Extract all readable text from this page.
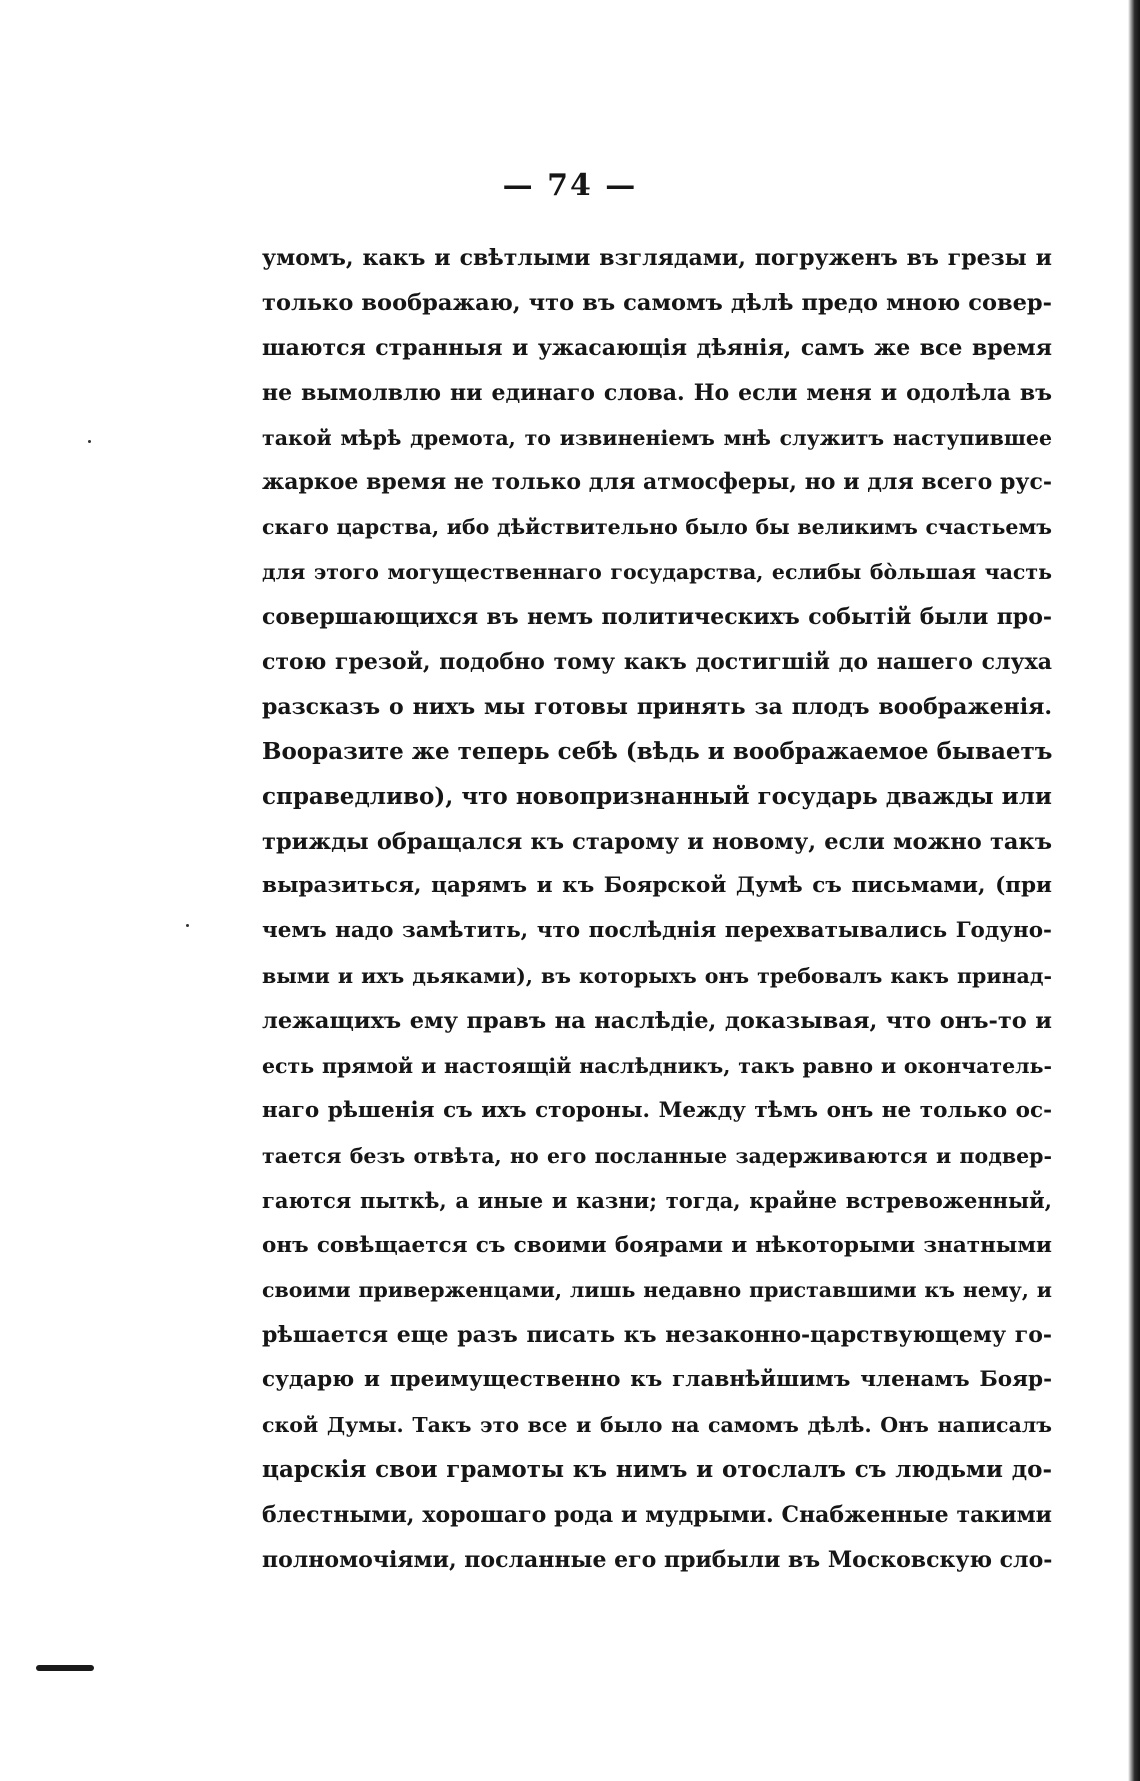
— 74 —
умомъ, какъ и свѣтлыми взглядами, погруженъ въ грезы и
только воображаю, что въ самомъ дѣлѣ предо мною совер-
шаются странныя и ужасающія дѣянія, самъ же все время
не вымолвлю ни единаго слова. Но если меня и одолѣла въ
такой мѣрѣ дремота, то извиненіемъ мнѣ служитъ наступившее
жаркое время не только для атмосферы, но и для всего рус-
скаго царства, ибо дѣйствительно было бы великимъ счастьемъ
для этого могущественнаго государства, еслибы бо̀льшая часть
совершающихся въ немъ политическихъ событій были про-
стою грезой, подобно тому какъ достигшій до нашего слуха
разсказъ о нихъ мы готовы принять за плодъ воображенія.
Вооразите же теперь себѣ (вѣдь и воображаемое бываетъ
справедливо), что новопризнанный государь дважды или
трижды обращался къ старому и новому, если можно такъ
выразиться, царямъ и къ Боярской Думѣ съ письмами, (при
чемъ надо замѣтить, что послѣднія перехватывались Годуно-
выми и ихъ дьяками), въ которыхъ онъ требовалъ какъ принад-
лежащихъ ему правъ на наслѣдіе, доказывая, что онъ-то и
есть прямой и настоящій наслѣдникъ, такъ равно и окончатель-
наго рѣшенія съ ихъ стороны. Между тѣмъ онъ не только ос-
тается безъ отвѣта, но его посланные задерживаются и подвер-
гаются пыткѣ, а иные и казни; тогда, крайне встревоженный,
онъ совѣщается съ своими боярами и нѣкоторыми знатными
своими приверженцами, лишь недавно приставшими къ нему, и
рѣшается еще разъ писать къ незаконно-царствующему го-
сударю и преимущественно къ главнѣйшимъ членамъ Бояр-
ской Думы. Такъ это все и было на самомъ дѣлѣ. Онъ написалъ
царскія свои грамоты къ нимъ и отослалъ съ людьми до-
блестными, хорошаго рода и мудрыми. Снабженные такими
полномочіями, посланные его прибыли въ Московскую сло-
